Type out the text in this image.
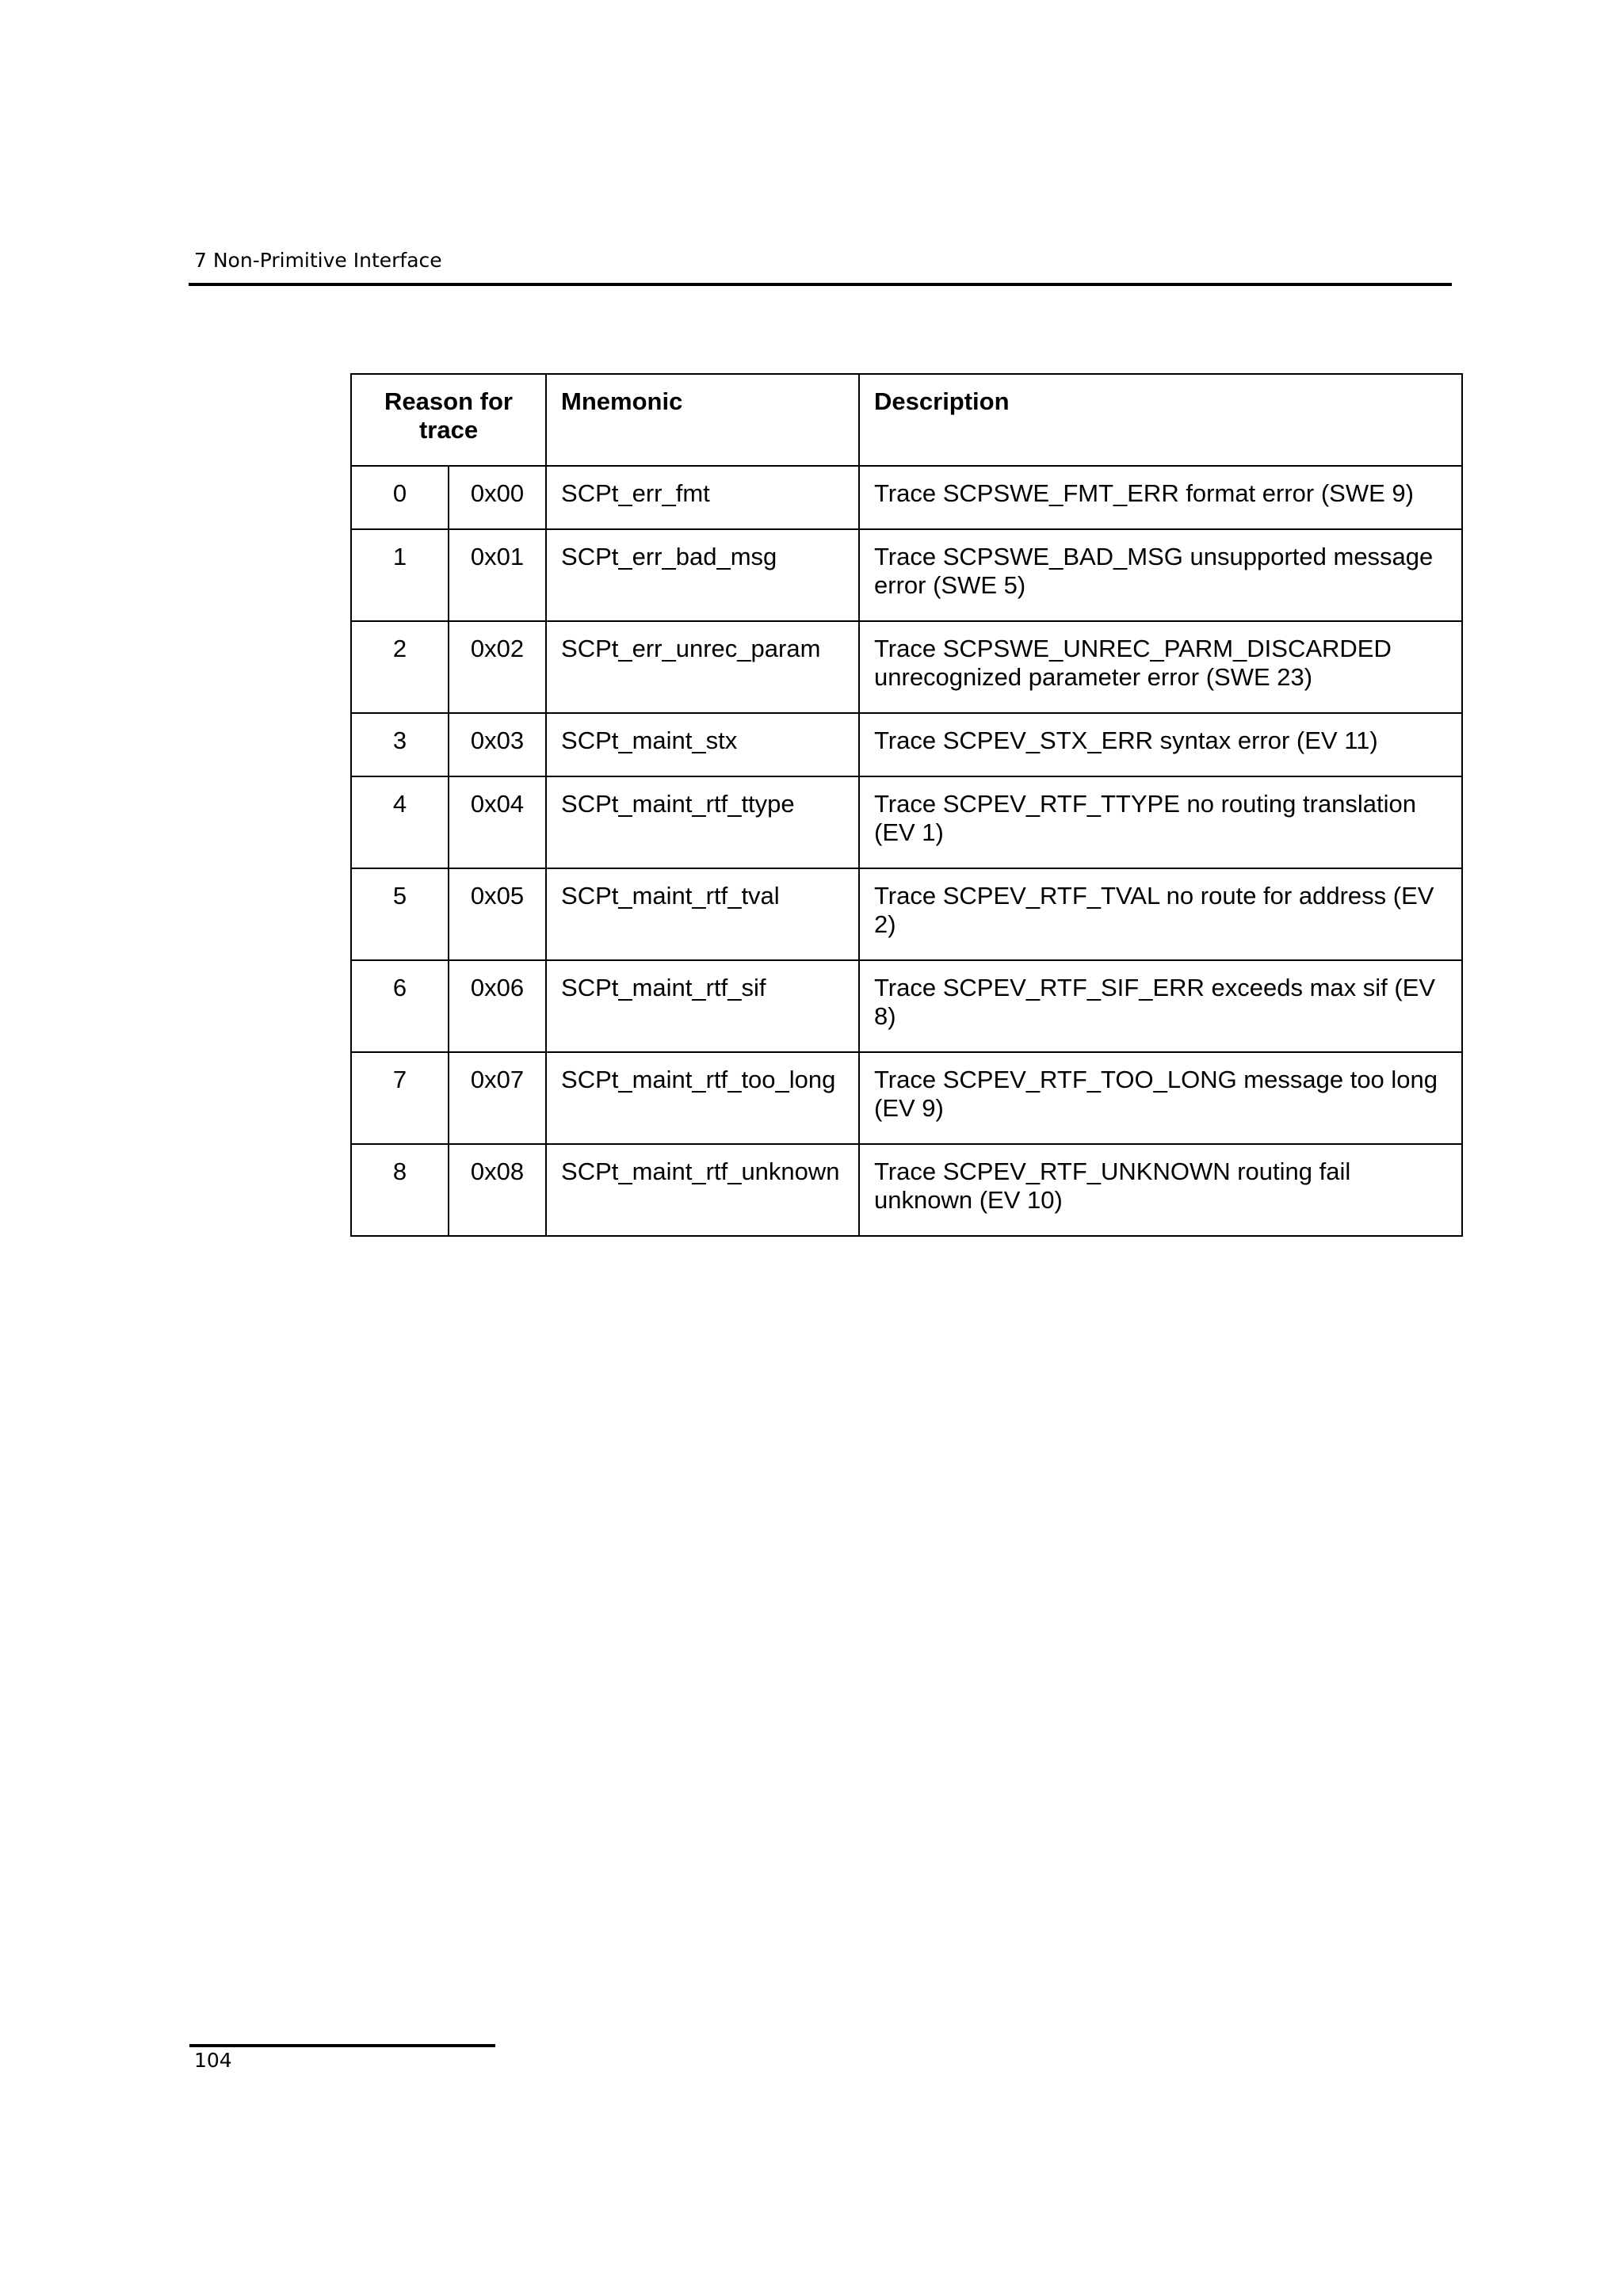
7 Non-Primitive Interface
Reason for trace		Mnemonic	Description
0	0x00	SCPt_err_fmt	Trace SCPSWE_FMT_ERR format error (SWE 9)
1	0x01	SCPt_err_bad_msg	Trace SCPSWE_BAD_MSG unsupported message error (SWE 5)
2	0x02	SCPt_err_unrec_param	Trace SCPSWE_UNREC_PARM_DISCARDED unrecognized parameter error (SWE 23)
3	0x03	SCPt_maint_stx	Trace SCPEV_STX_ERR syntax error (EV 11)
4	0x04	SCPt_maint_rtf_ttype	Trace SCPEV_RTF_TTYPE no routing translation (EV 1)
5	0x05	SCPt_maint_rtf_tval	Trace SCPEV_RTF_TVAL no route for address (EV 2)
6	0x06	SCPt_maint_rtf_sif	Trace SCPEV_RTF_SIF_ERR exceeds max sif (EV 8)
7	0x07	SCPt_maint_rtf_too_long	Trace SCPEV_RTF_TOO_LONG message too long (EV 9)
8	0x08	SCPt_maint_rtf_unknown	Trace SCPEV_RTF_UNKNOWN routing fail unknown (EV 10)
104
